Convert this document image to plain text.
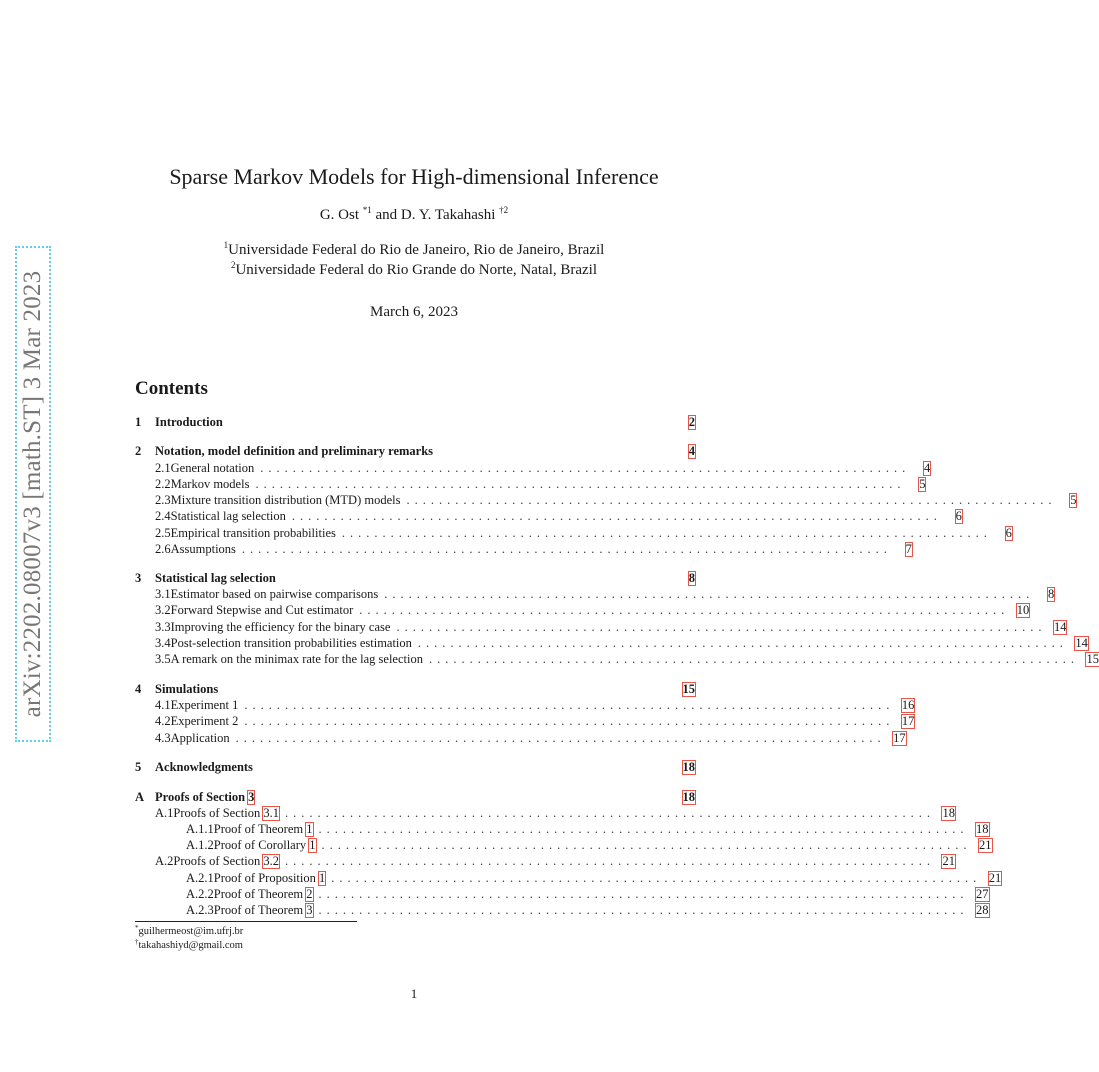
arXiv:2202.08007v3 [math.ST] 3 Mar 2023
Sparse Markov Models for High-dimensional Inference
G. Ost $^{*1}$ and D. Y. Takahashi $^{\dagger 2}$
$^1$Universidade Federal do Rio de Janeiro, Rio de Janeiro, Brazil
$^2$Universidade Federal do Rio Grande do Norte, Natal, Brazil
March 6, 2023
Contents
1	Introduction	2
2	Notation, model definition and preliminary remarks	4
2.1 General notation ................................................................................	4
2.2 Markov models ................................................................................	5
2.3 Mixture transition distribution (MTD) models ................................................................................	5
2.4 Statistical lag selection ................................................................................	6
2.5 Empirical transition probabilities ................................................................................	6
2.6 Assumptions ................................................................................	7
3	Statistical lag selection	8
3.1 Estimator based on pairwise comparisons ................................................................................	8
3.2 Forward Stepwise and Cut estimator ................................................................................ 10
3.3 Improving the efficiency for the binary case ................................................................................ 14
3.4 Post-selection transition probabilities estimation ................................................................................ 14
3.5 A remark on the minimax rate for the lag selection ................................................................................ 15
4	Simulations	15
4.1 Experiment 1 ................................................................................ 16
4.2 Experiment 2 ................................................................................ 17
4.3 Application ................................................................................ 17
5	Acknowledgments	18
A Proofs of Section 3	18
A.1 Proofs of Section 3.1 ................................................................................ 18
A.1.1 Proof of Theorem 1 ................................................................................ 18
A.1.2 Proof of Corollary 1 ................................................................................ 21
A.2 Proofs of Section 3.2 ................................................................................ 21
A.2.1 Proof of Proposition 1 ................................................................................ 21
A.2.2 Proof of Theorem 2 ................................................................................ 27
A.2.3 Proof of Theorem 3 ................................................................................ 28
*guilhermeost@im.ufrj.br
†takahashiyd@gmail.com
1
